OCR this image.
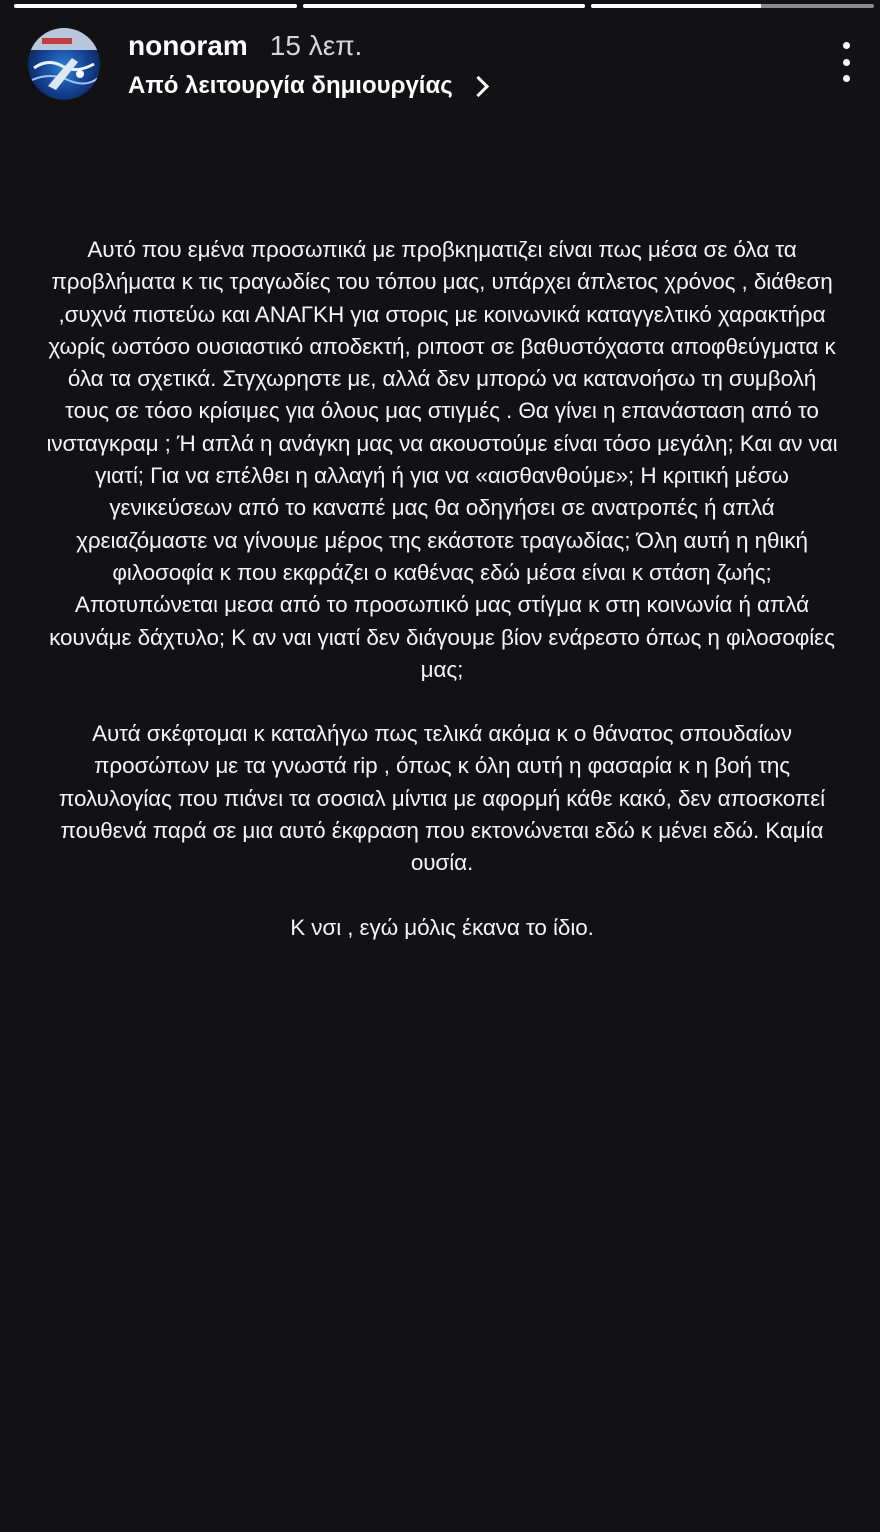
nonoram 15 λεπ.
Από λειτουργία δημιουργίας

Αυτό που εμένα προσωπικά με προβκηματιζει είναι πως μέσα σε όλα τα προβλήματα κ τις τραγωδίες του τόπου μας, υπάρχει άπλετος χρόνος , διάθεση ,συχνά πιστεύω και ΑΝΑΓΚΗ για στορις με κοινωνικά καταγγελτικό χαρακτήρα χωρίς ωστόσο ουσιαστικό αποδεκτή, ριποστ σε βαθυστόχαστα αποφθεύγματα κ όλα τα σχετικά. Στγχωρηστε με, αλλά δεν μπορώ να κατανοήσω τη συμβολή τους σε τόσο κρίσιμες για όλους μας στιγμές . Θα γίνει η επανάσταση από το ινσταγκραμ ; Ή απλά η ανάγκη μας να ακουστούμε είναι τόσο μεγάλη; Και αν ναι γιατί; Για να επέλθει η αλλαγή ή για να «αισθανθούμε»; Η κριτική μέσω γενικεύσεων από το καναπέ μας θα οδηγήσει σε ανατροπές ή απλά χρειαζόμαστε να γίνουμε μέρος της εκάστοτε τραγωδίας; Όλη αυτή η ηθική φιλοσοφία κ που εκφράζει ο καθένας εδώ μέσα είναι κ στάση ζωής; Αποτυπώνεται μεσα από το προσωπικό μας στίγμα κ στη κοινωνία ή απλά κουνάμε δάχτυλο; Κ αν ναι γιατί δεν διάγουμε βίον ενάρεστο όπως η φιλοσοφίες μας;

Αυτά σκέφτομαι κ καταλήγω πως τελικά ακόμα κ ο θάνατος σπουδαίων προσώπων με τα γνωστά rip , όπως κ όλη αυτή η φασαρία κ η βοή της πολυλογίας που πιάνει τα σοσιαλ μίντια με αφορμή κάθε κακό, δεν αποσκοπεί πουθενά παρά σε μια αυτό έκφραση που εκτονώνεται εδώ κ μένει εδώ. Καμία ουσία.

Κ νσι , εγώ μόλις έκανα το ίδιο.
